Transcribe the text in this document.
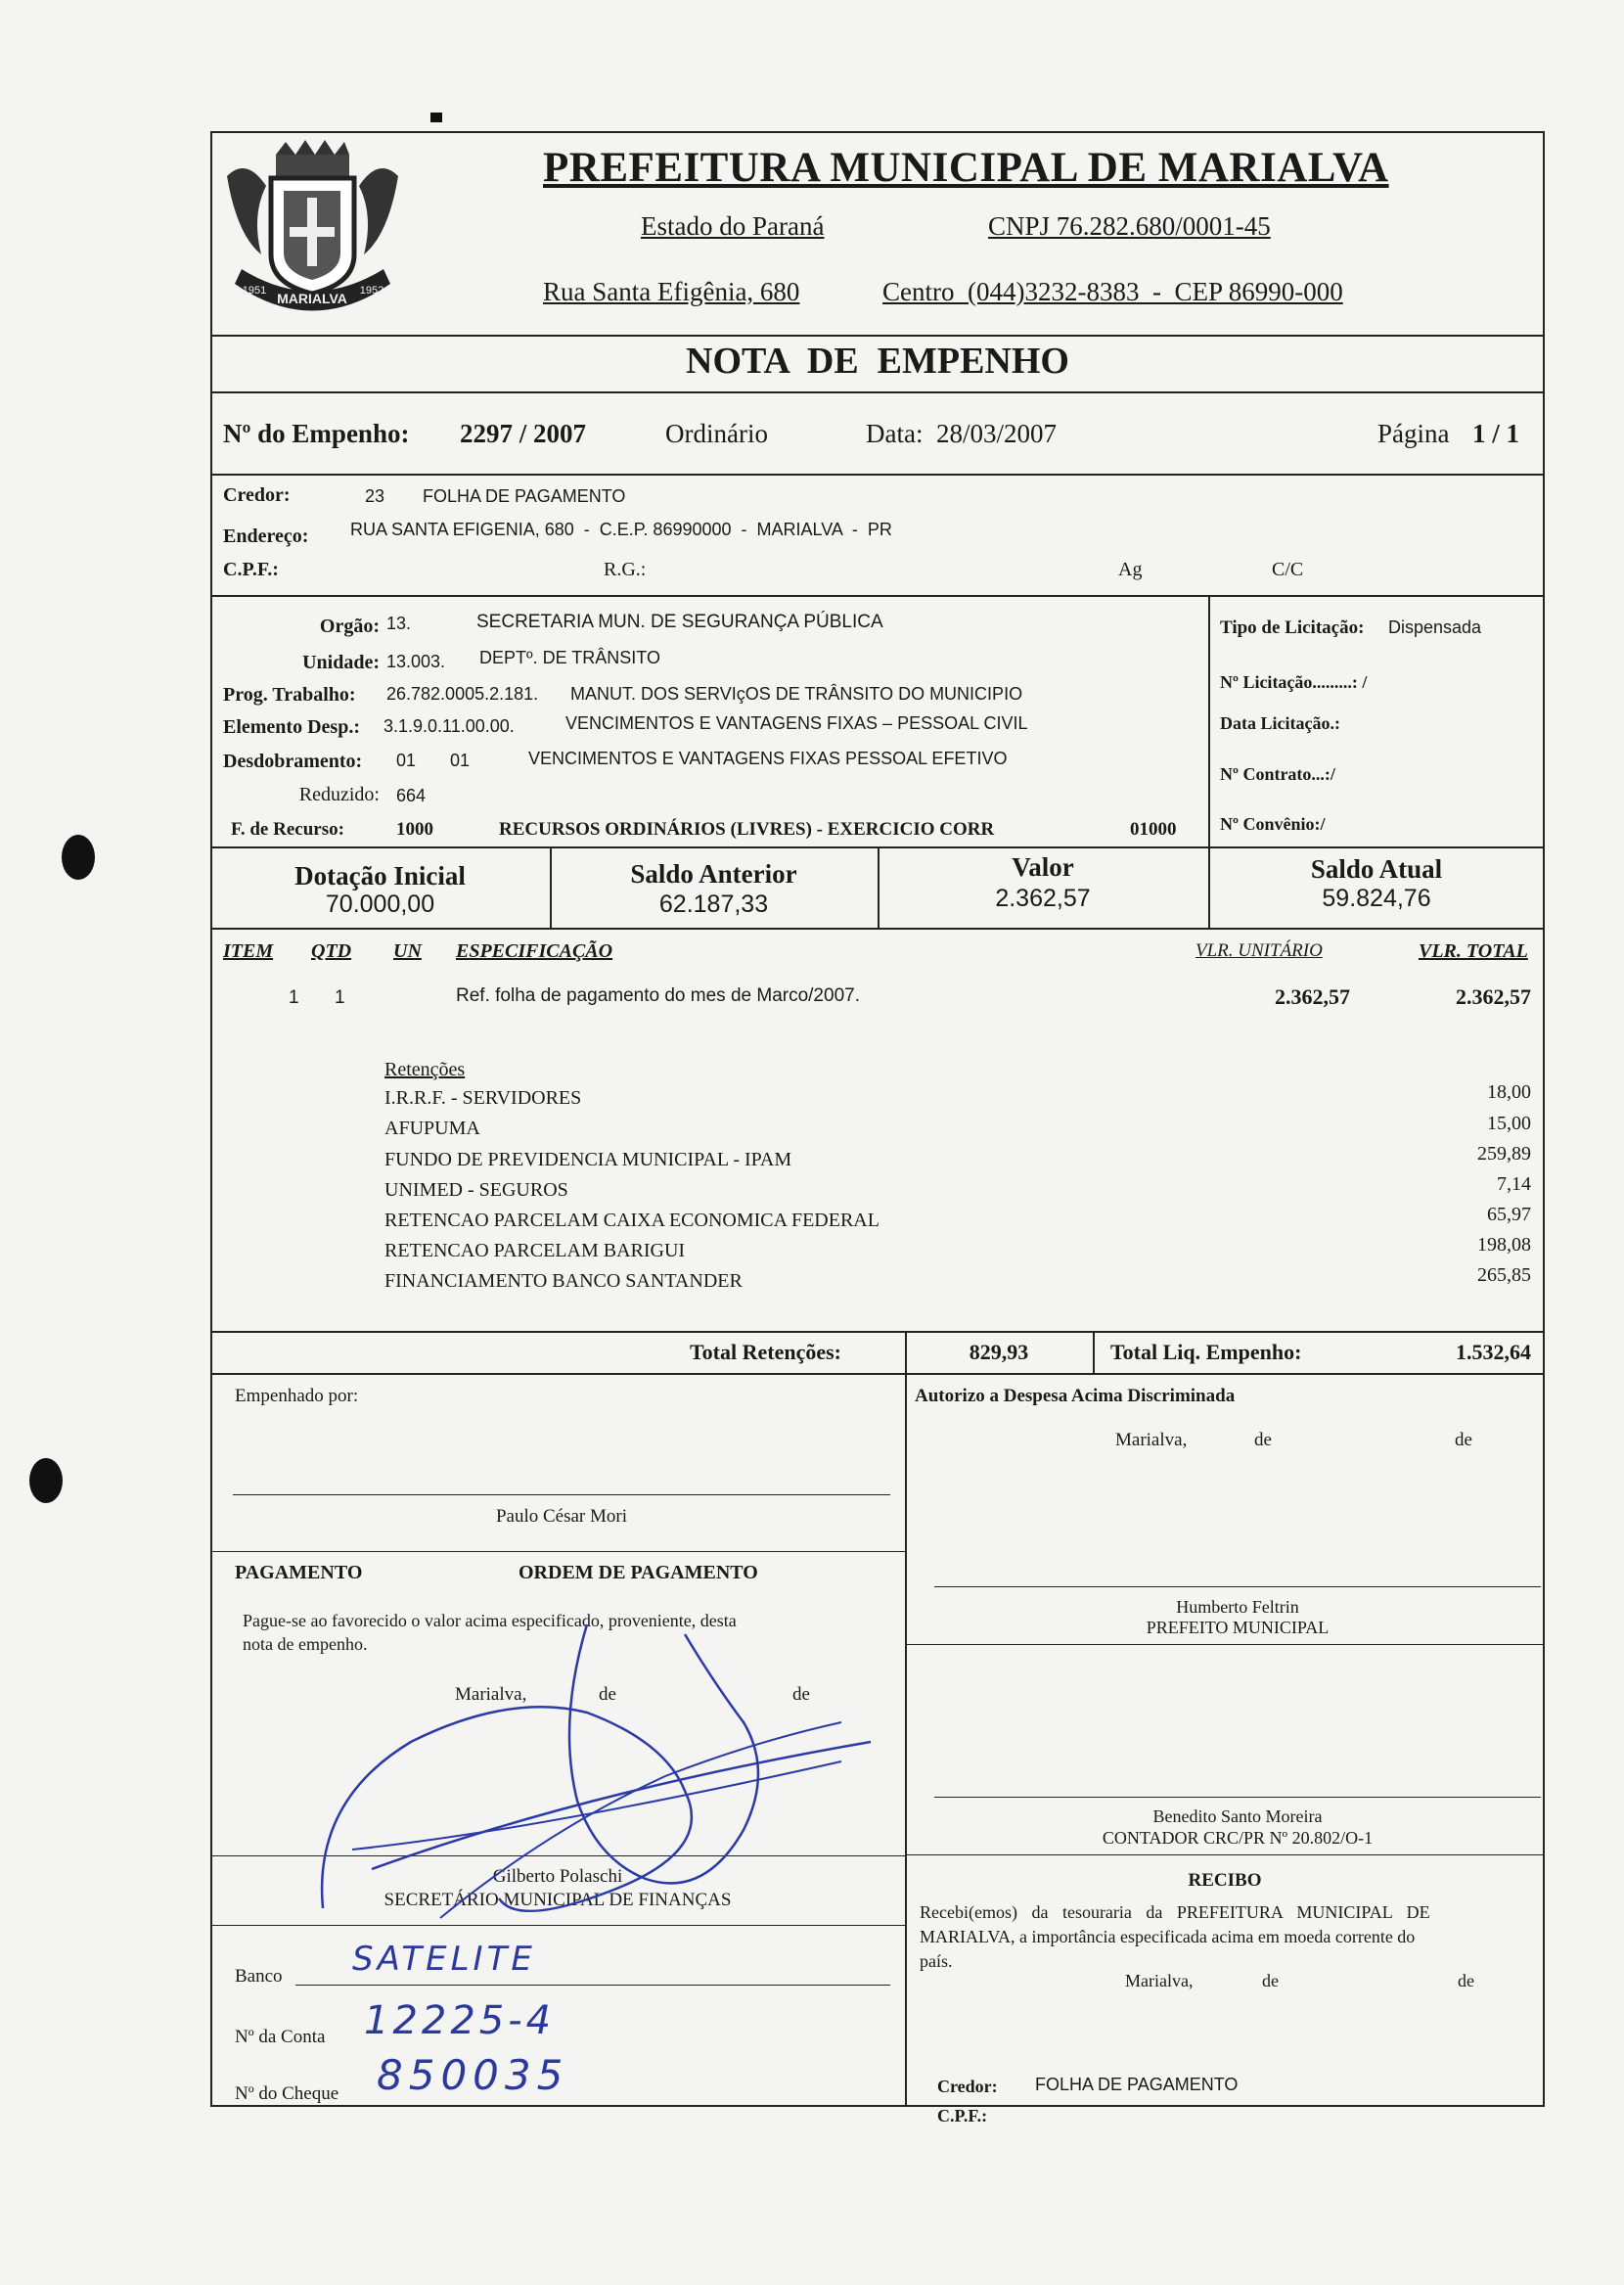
MARIALVA
1951	1952
PREFEITURA MUNICIPAL DE MARIALVA
Estado do Paraná	CNPJ 76.282.680/0001-45
Rua Santa Efigênia, 680	Centro  (044)3232-8383  -  CEP 86990-000
NOTA  DE  EMPENHO
Nº do Empenho: 2297 / 2007	Ordinário	Data: 28/03/2007	Página 1 / 1
Credor:	23 FOLHA DE PAGAMENTO
Endereço: RUA SANTA EFIGENIA, 680  -  C.E.P. 86990000  -  MARIALVA  -  PR
C.P.F.:	R.G.:	Ag	C/C
Orgão: 13.	SECRETARIA MUN. DE SEGURANÇA PÚBLICA
Unidade: 13.003. DEPTº. DE TRÂNSITO
Prog. Trabalho: 26.782.0005.2.181. MANUT. DOS SERVIçOS DE TRÂNSITO DO MUNICIPIO
Elemento Desp.: 3.1.9.0.11.00.00.	VENCIMENTOS E VANTAGENS FIXAS – PESSOAL CIVIL
Desdobramento: 01 01	VENCIMENTOS E VANTAGENS FIXAS PESSOAL EFETIVO
Reduzido: 664
F. de Recurso:	1000	RECURSOS ORDINÁRIOS (LIVRES) - EXERCICIO CORR	01000
Tipo de Licitação: Dispensada
Nº Licitação.........: /
Data Licitação.:
Nº Contrato...:/
Nº Convênio:/
Dotação Inicial
70.000,00
Saldo Anterior
62.187,33
Valor
2.362,57
Saldo Atual
59.824,76
ITEM QTD UN ESPECIFICAÇÃO	VLR. UNITÁRIO	VLR. TOTAL
1 1	Ref. folha de pagamento do mes de Marco/2007.	2.362,57	2.362,57
Retenções
I.R.R.F. - SERVIDORES	18,00
AFUPUMA	15,00
FUNDO DE PREVIDENCIA MUNICIPAL - IPAM	259,89
UNIMED - SEGUROS	7,14
RETENCAO PARCELAM CAIXA ECONOMICA FEDERAL	65,97
RETENCAO PARCELAM BARIGUI	198,08
FINANCIAMENTO BANCO SANTANDER	265,85
Total Retenções:	829,93	Total Liq. Empenho:	1.532,64
Empenhado por:
Paulo César Mori
Autorizo a Despesa Acima Discriminada
Marialva,	de	de
PAGAMENTO	ORDEM DE PAGAMENTO
Pague-se ao favorecido o valor acima especificado, proveniente, desta
nota de empenho.
Marialva,	de	de
Humberto Feltrin
PREFEITO MUNICIPAL
Benedito Santo Moreira
CONTADOR CRC/PR Nº 20.802/O-1
RECIBO
Recebi(emos) da tesouraria da PREFEITURA MUNICIPAL DE
MARIALVA, a importância especificada acima em moeda corrente do
país.
Marialva,	de	de
Gilberto Polaschi
SECRETÁRIO MUNICIPAL DE FINANÇAS
Banco SATELITE
Nº da Conta 12225-4
Nº do Cheque 850035	Credor: FOLHA DE PAGAMENTO
C.P.F.:
